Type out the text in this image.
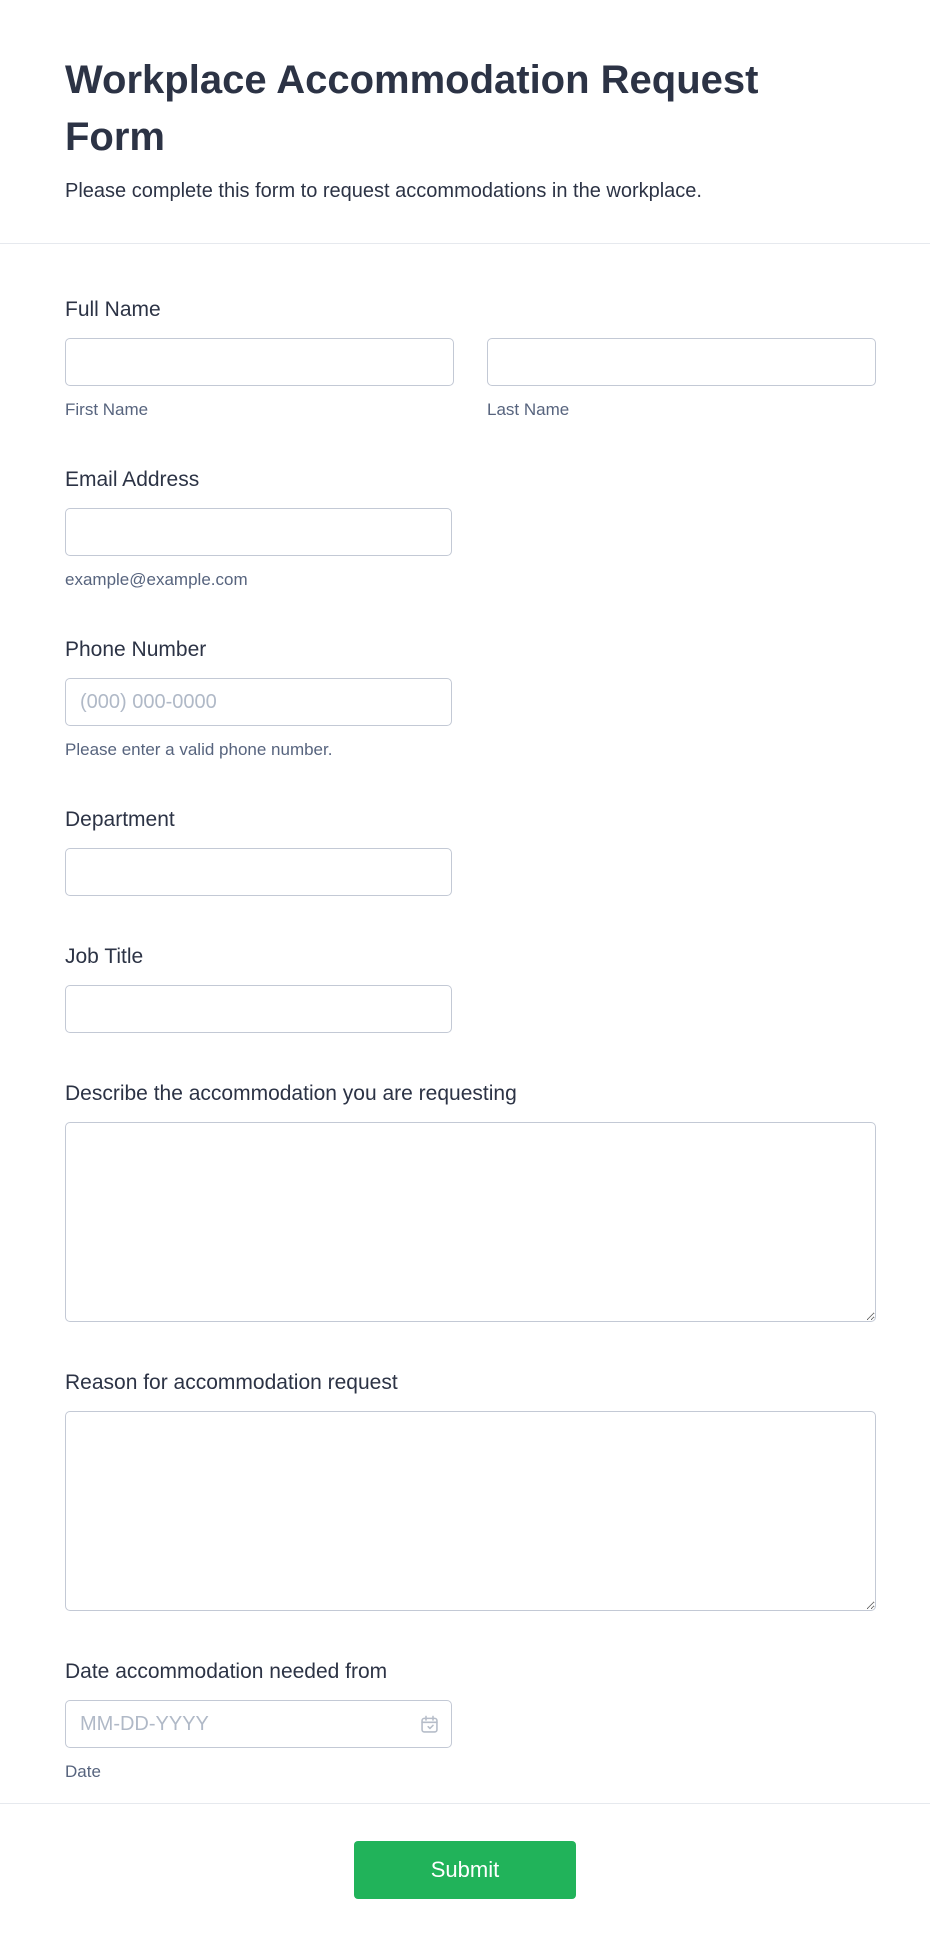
Workplace Accommodation Request Form
Please complete this form to request accommodations in the workplace.
Full Name
First Name	Last Name
Email Address
example@example.com
Phone Number
(000) 000-0000
Please enter a valid phone number.
Department
Job Title
Describe the accommodation you are requesting
Reason for accommodation request
Date accommodation needed from
MM-DD-YYYY
Date
Submit
